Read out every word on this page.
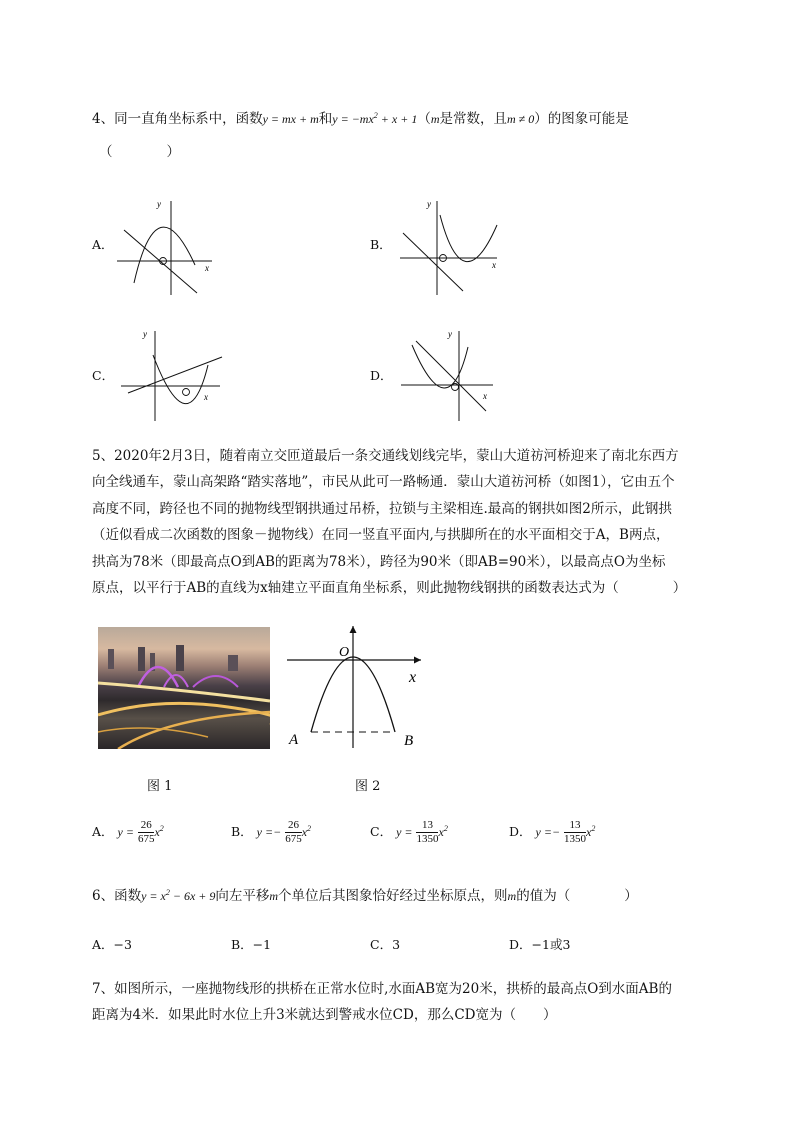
4、同一直角坐标系中，函数y = mx + m和$y = -mx^2 + x + 1(m$是常数，且m ≠ 0）的图象可能是
（　　　　）
A．
x
y
B．
x
y
C．
x
y
D．
x
y
5、2020年2月3日，随着南立交匝道最后一条交通线划线完毕，蒙山大道祊河桥迎来了南北东西方
向全线通车，蒙山高架路“踏实落地”，市民从此可一路畅通．蒙山大道祊河桥（如图1），它由五个
高度不同，跨径也不同的抛物线型钢拱通过吊桥，拉锁与主梁相连.最高的钢拱如图2所示，此钢拱
（近似看成二次函数的图象－抛物线）在同一竖直平面内,与拱脚所在的水平面相交于A，B两点，
拱高为78米（即最高点O到AB的距离为78米），跨径为90米（即AB=90米），以最高点O为坐标
原点，以平行于AB的直线为x轴建立平面直角坐标系，则此抛物线钢拱的函数表达式为（　　　　）
图 1
O
x
A	B
图 2
A． $y = \frac{26}{675} x^2$	B． $y =- \frac{26}{675} x^2$	C． $y = \frac{13}{1350} x^2$	D． $y =- \frac{13}{1350} x^2$
6、函数$y = x^2 - 6x + 9$向左平移m个单位后其图象恰好经过坐标原点，则m的值为（　　　　）
A．−3	B．−1	C．3	D．−1或3
7、如图所示，一座抛物线形的拱桥在正常水位时,水面AB宽为20米，拱桥的最高点O到水面AB的
距离为4米．如果此时水位上升3米就达到警戒水位CD，那么CD宽为（　　）
